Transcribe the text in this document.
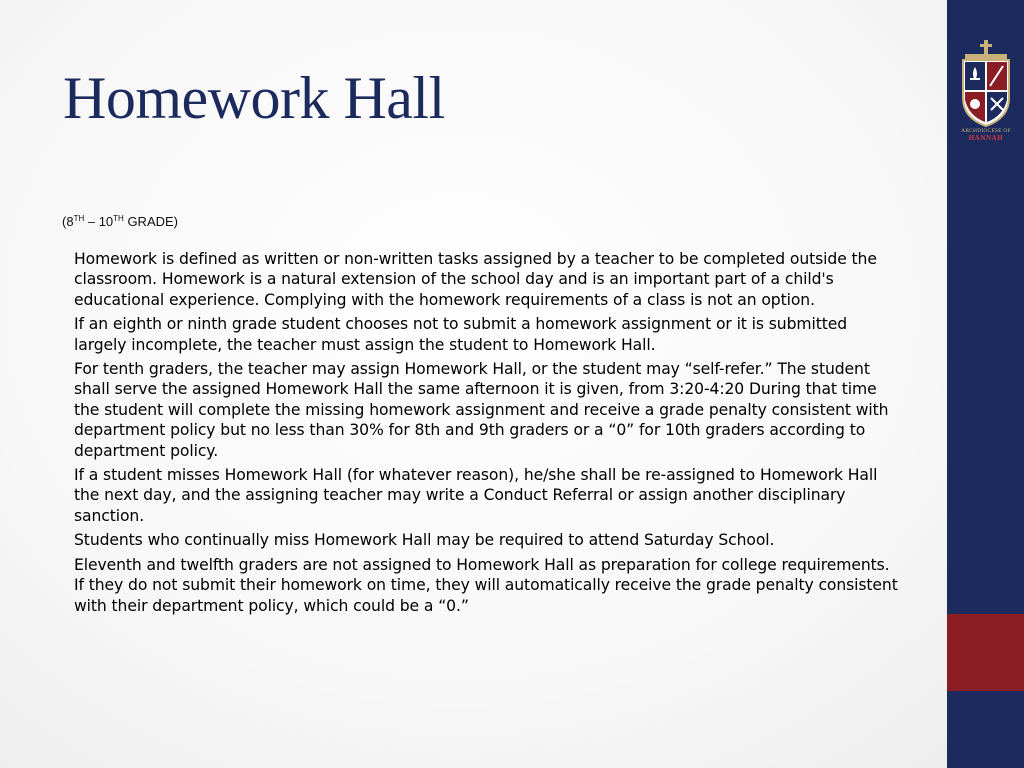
Homework Hall
(8TH – 10TH GRADE)
Homework is defined as written or non-written tasks assigned by a teacher to be completed outside the classroom. Homework is a natural extension of the school day and is an important part of a child's educational experience. Complying with the homework requirements of a class is not an option.
If an eighth or ninth grade student chooses not to submit a homework assignment or it is submitted largely incomplete, the teacher must assign the student to Homework Hall.
For tenth graders, the teacher may assign Homework Hall, or the student may “self-refer.” The student shall serve the assigned Homework Hall the same afternoon it is given, from 3:20-4:20 During that time the student will complete the missing homework assignment and receive a grade penalty consistent with department policy but no less than 30% for 8th and 9th graders or a “0” for 10th graders according to department policy.
If a student misses Homework Hall (for whatever reason), he/she shall be re-assigned to Homework Hall the next day, and the assigning teacher may write a Conduct Referral or assign another disciplinary sanction.
Students who continually miss Homework Hall may be required to attend Saturday School.
Eleventh and twelfth graders are not assigned to Homework Hall as preparation for college requirements. If they do not submit their homework on time, they will automatically receive the grade penalty consistent with their department policy, which could be a “0.”
ARCHDIOCESE OF
HANNAH
